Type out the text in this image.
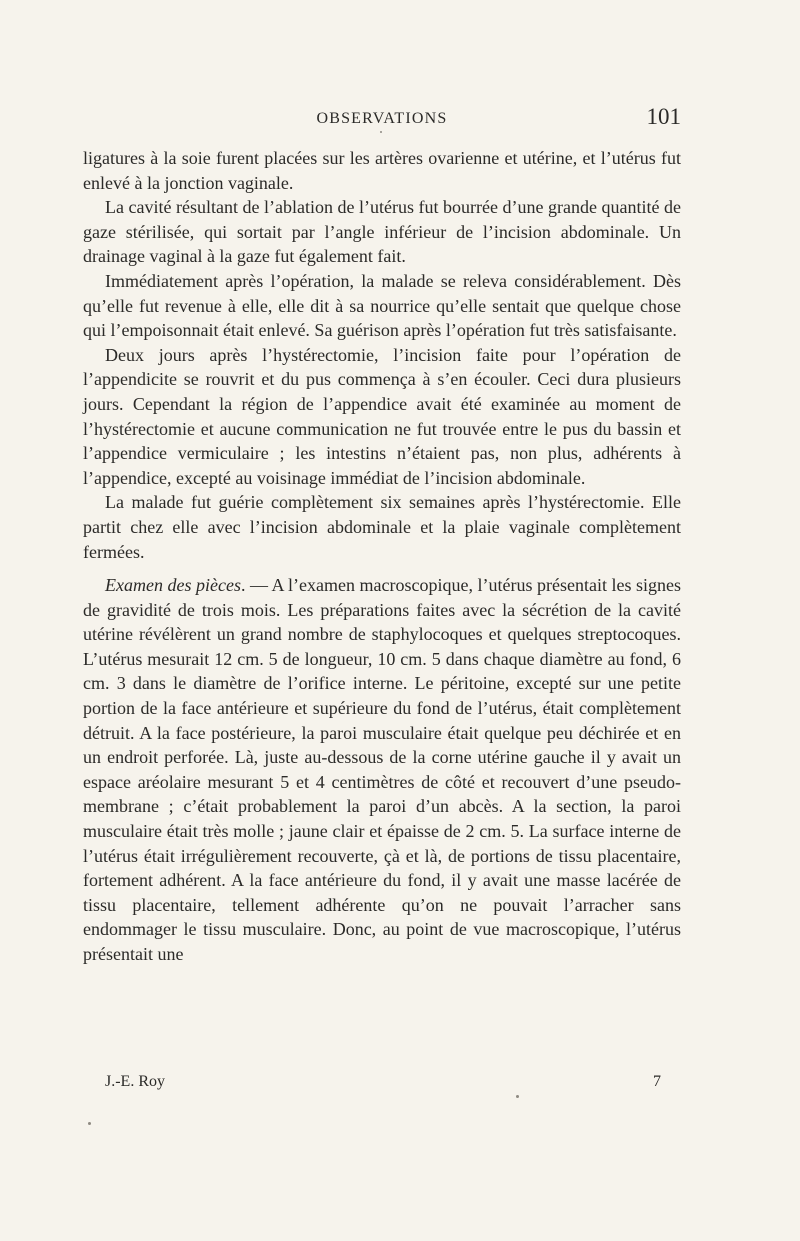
OBSERVATIONS	101

ligatures à la soie furent placées sur les artères ovarienne et utérine, et l’utérus fut enlevé à la jonction vaginale.

La cavité résultant de l’ablation de l’utérus fut bourrée d’une grande quantité de gaze stérilisée, qui sortait par l’angle inférieur de l’incision abdominale. Un drainage vaginal à la gaze fut également fait.

Immédiatement après l’opération, la malade se releva considérablement. Dès qu’elle fut revenue à elle, elle dit à sa nourrice qu’elle sentait que quelque chose qui l’empoisonnait était enlevé. Sa guérison après l’opération fut très satisfaisante.

Deux jours après l’hystérectomie, l’incision faite pour l’opération de l’appendicite se rouvrit et du pus commença à s’en écouler. Ceci dura plusieurs jours. Cependant la région de l’appendice avait été examinée au moment de l’hystérectomie et aucune communication ne fut trouvée entre le pus du bassin et l’appendice vermiculaire ; les intestins n’étaient pas, non plus, adhérents à l’appendice, excepté au voisinage immédiat de l’incision abdominale.

La malade fut guérie complètement six semaines après l’hystérectomie. Elle partit chez elle avec l’incision abdominale et la plaie vaginale complètement fermées.

Examen des pièces. — A l’examen macroscopique, l’utérus présentait les signes de gravidité de trois mois. Les préparations faites avec la sécrétion de la cavité utérine révélèrent un grand nombre de staphylocoques et quelques streptocoques. L’utérus mesurait 12 cm. 5 de longueur, 10 cm. 5 dans chaque diamètre au fond, 6 cm. 3 dans le diamètre de l’orifice interne. Le péritoine, excepté sur une petite portion de la face antérieure et supérieure du fond de l’utérus, était complètement détruit. A la face postérieure, la paroi musculaire était quelque peu déchirée et en un endroit perforée. Là, juste au-dessous de la corne utérine gauche il y avait un espace aréolaire mesurant 5 et 4 centimètres de côté et recouvert d’une pseudo-membrane ; c’était probablement la paroi d’un abcès. A la section, la paroi musculaire était très molle ; jaune clair et épaisse de 2 cm. 5. La surface interne de l’utérus était irrégulièrement recouverte, çà et là, de portions de tissu placentaire, fortement adhérent. A la face antérieure du fond, il y avait une masse lacérée de tissu placentaire, tellement adhérente qu’on ne pouvait l’arracher sans endommager le tissu musculaire. Donc, au point de vue macroscopique, l’utérus présentait une

J.-E. Roy	7
